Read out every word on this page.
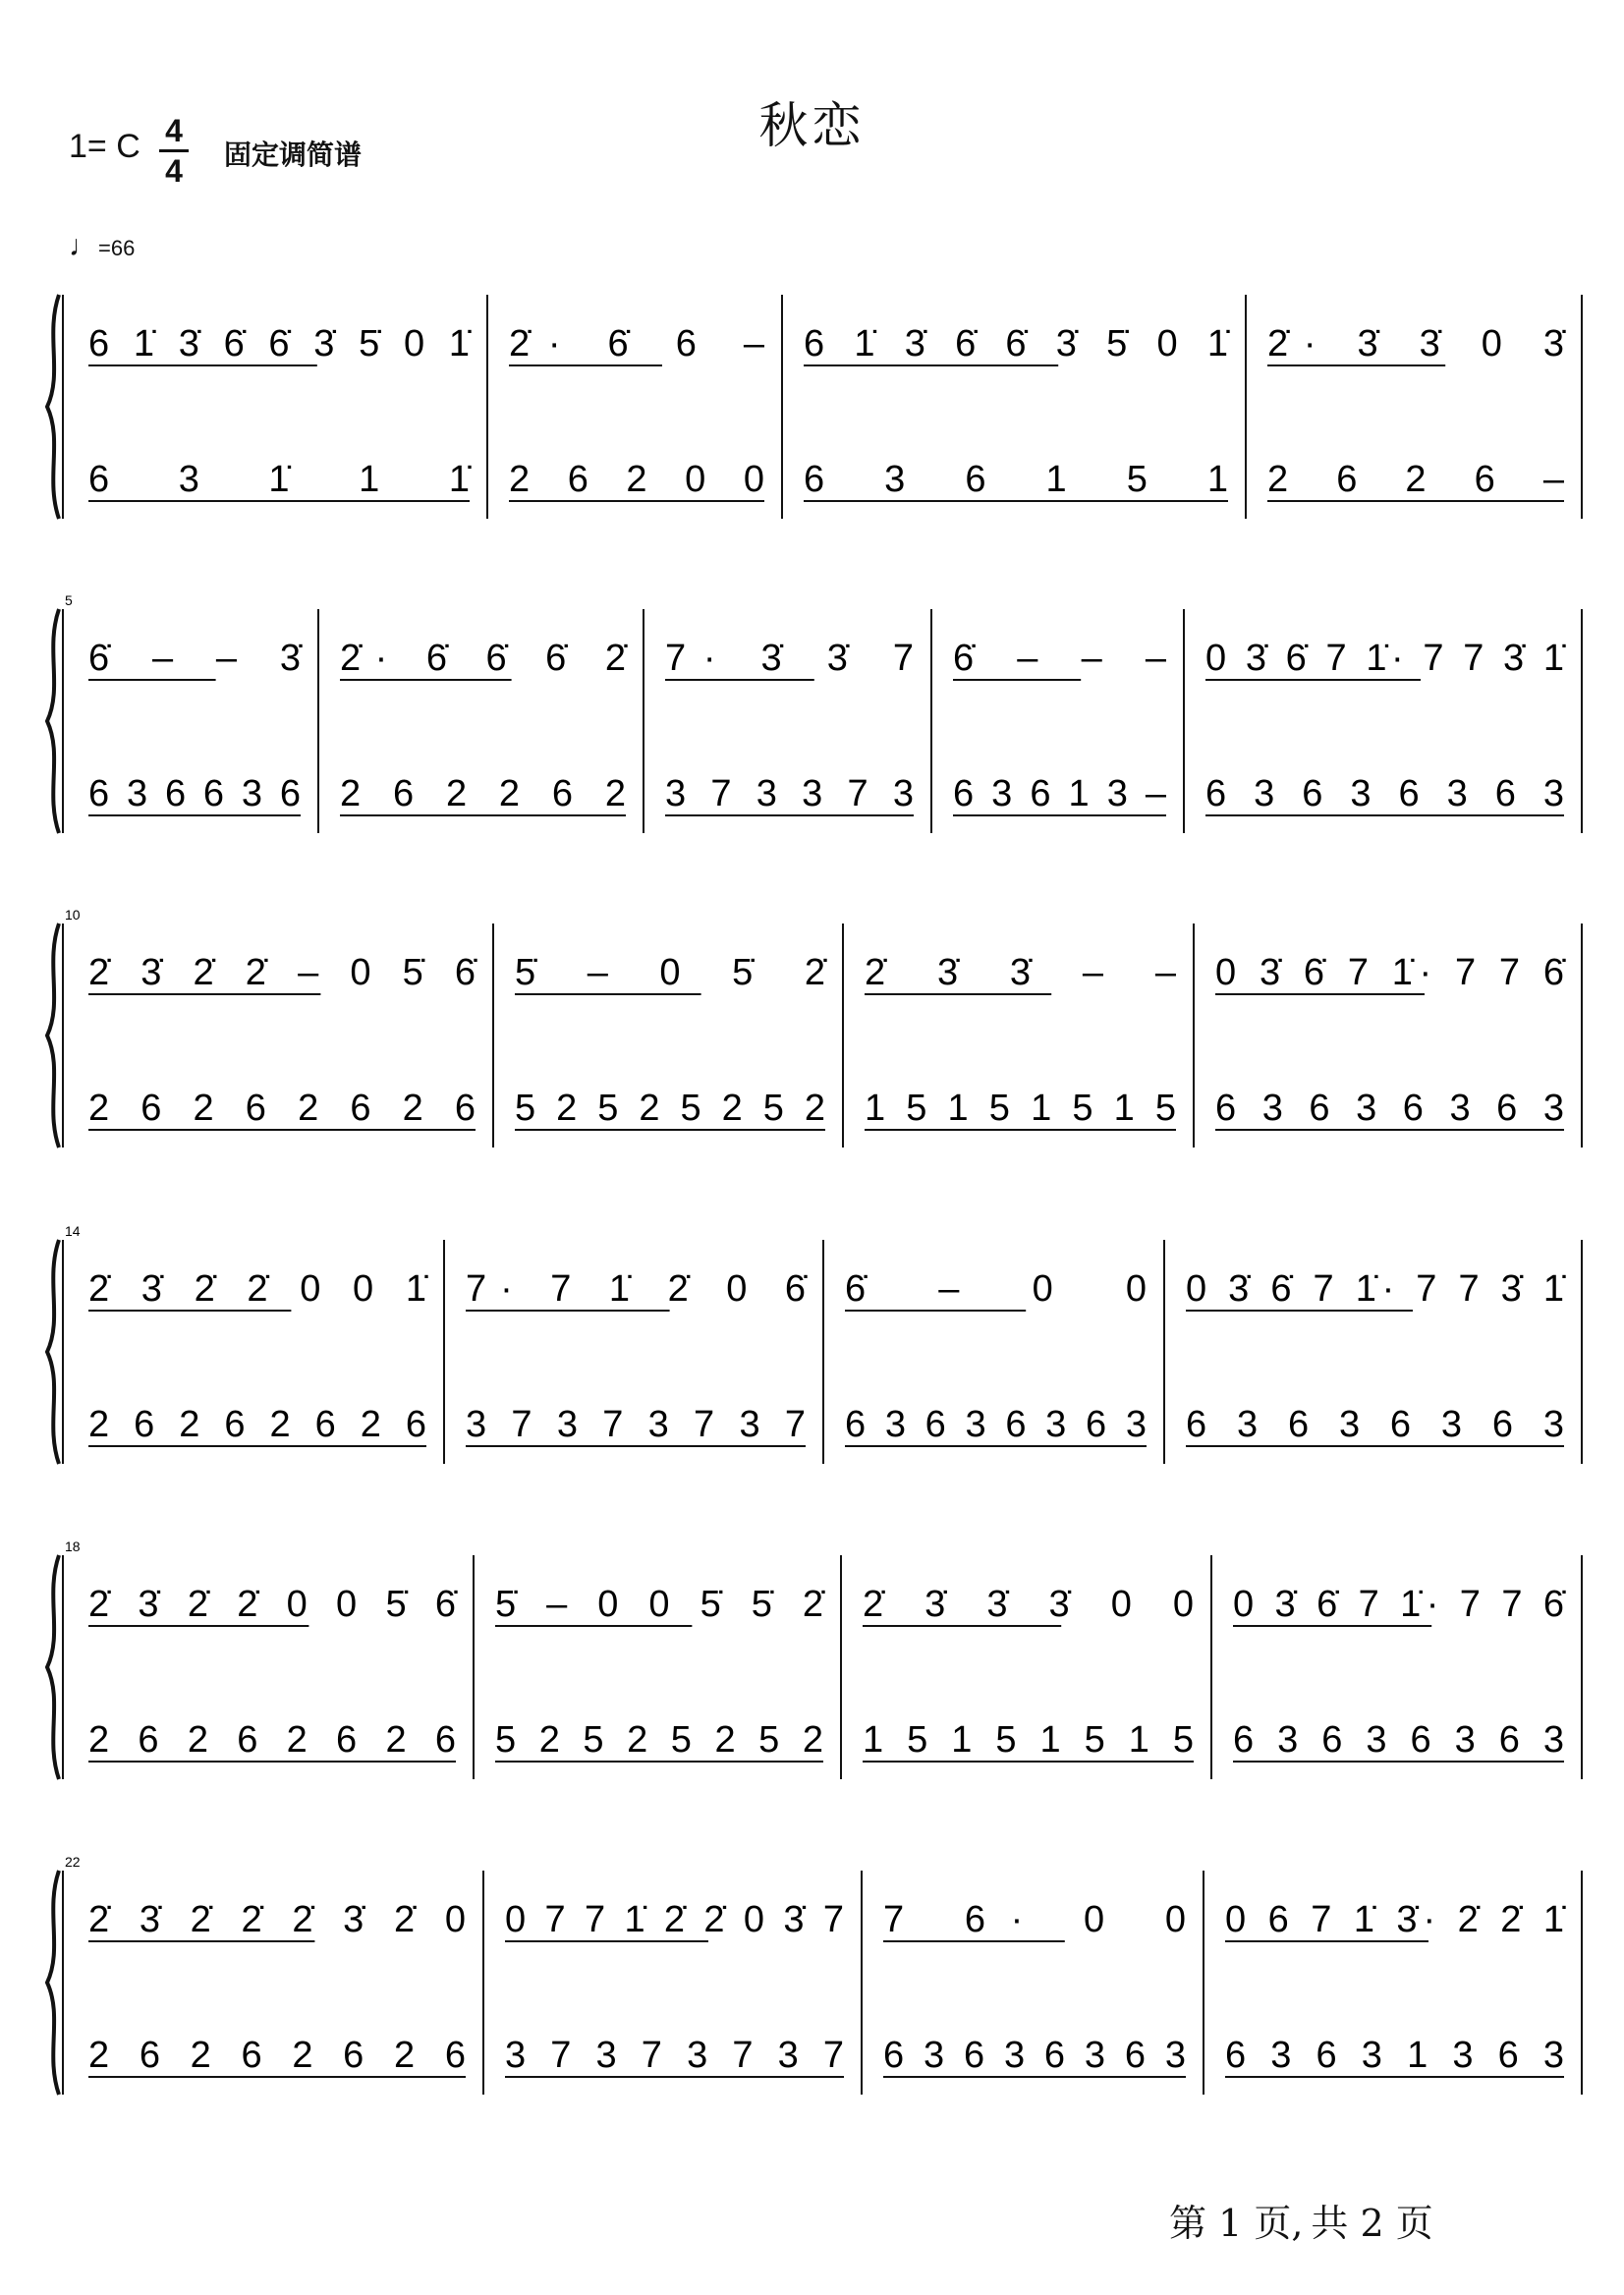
秋恋
1= C 4
4 固定调简谱
♩=66
6 1̇ 3̇ 6̇ 6̇ 3̇ 5̇ 0 1̇ 2̇· 6̇ 6 – 6 1̇ 3̇ 6̇ 6̇ 3̇ 5̇ 0 1̇ 2̇· 3̇ 3̇ 0 3̇
6 3 1̇ 1 1̇ 2 6 2 0 0 6 3 6 1 5 1 2 6 2 6 –
5
6̇ – – 3̇ 2̇· 6̇ 6̇ 6̇ 2̇ 7· 3̇ 3̇ 7 6̇ – – – 0 3̇ 6̇ 7 1̇· 7 7 3̇ 1̇
6 3 6 6 3 6 2 6 2 2 6 2 3 7 3 3 7 3 6 3 6 1 3 – 6 3 6 3 6 3 6 3
10
2̇ 3̇ 2̇ 2̇ – 0 5̇ 6̇ 5̇ – 0 5̇ 2̇ 2̇ 3̇ 3̇ – – 0 3̇ 6̇ 7 1̇· 7 7 6̇
2 6 2 6 2 6 2 6 5 2 5 2 5 2 5 2 1 5 1 5 1 5 1 5 6 3 6 3 6 3 6 3
14
2̇ 3̇ 2̇ 2̇ 0 0 1̇ 7· 7 1̇ 2̇ 0 6̇ 6̇ – 0 0 0 3̇ 6̇ 7 1̇· 7 7 3̇ 1̇
2 6 2 6 2 6 2 6 3 7 3 7 3 7 3 7 6 3 6 3 6 3 6 3 6 3 6 3 6 3 6 3
18
2̇ 3̇ 2̇ 2̇ 0 0 5̇ 6̇ 5̇ – 0 0 5̇ 5̇ 2̇ 2̇ 3̇ 3̇ 3̇ 0 0 0 3̇ 6̇ 7 1̇· 7 7 6̇
2 6 2 6 2 6 2 6 5 2 5 2 5 2 5 2 1 5 1 5 1 5 1 5 6 3 6 3 6 3 6 3
22
2̇ 3̇ 2̇ 2̇ 2̇ 3̇ 2̇ 0 0 7 7 1̇ 2̇ 2̇ 0 3̇ 7 7 6· 0 0 0 6 7 1̇ 3̇· 2̇ 2̇ 1̇
2 6 2 6 2 6 2 6 3 7 3 7 3 7 3 7 6 3 6 3 6 3 6 3 6 3 6 3 1 3 6 3
第 1 页, 共 2 页
